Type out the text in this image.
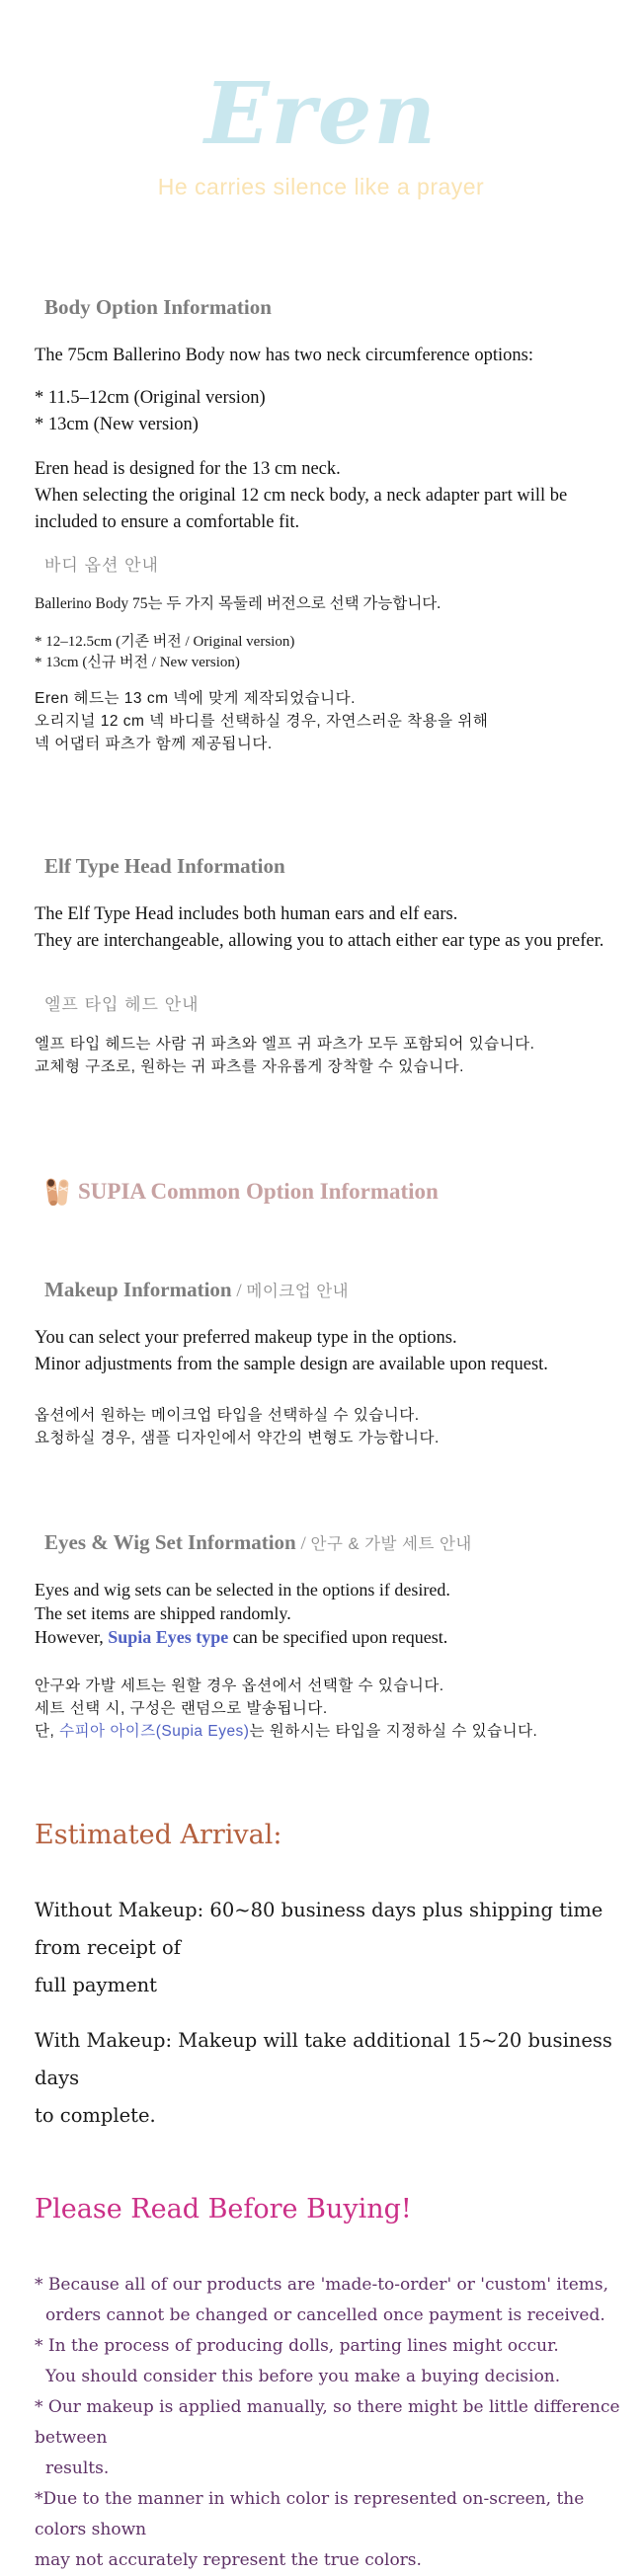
Eren
He carries silence like a prayer
Body Option Information
The 75cm Ballerino Body now has two neck circumference options:
* 11.5–12cm (Original version)
* 13cm (New version)
Eren head is designed for the 13 cm neck.
When selecting the original 12 cm neck body, a neck adapter part will be
included to ensure a comfortable fit.
바디 옵션 안내
Ballerino Body 75는 두 가지 목둘레 버전으로 선택 가능합니다.
* 12–12.5cm (기존 버전 / Original version)
* 13cm (신규 버전 / New version)
Eren 헤드는 13 cm 넥에 맞게 제작되었습니다.
오리지널 12 cm 넥 바디를 선택하실 경우, 자연스러운 착용을 위해
넥 어댑터 파츠가 함께 제공됩니다.
Elf Type Head Information
The Elf Type Head includes both human ears and elf ears.
They are interchangeable, allowing you to attach either ear type as you prefer.
엘프 타입 헤드 안내
엘프 타입 헤드는 사람 귀 파츠와 엘프 귀 파츠가 모두 포함되어 있습니다.
교체형 구조로, 원하는 귀 파츠를 자유롭게 장착할 수 있습니다.
SUPIA Common Option Information
Makeup Information / 메이크업 안내
You can select your preferred makeup type in the options.
Minor adjustments from the sample design are available upon request.
옵션에서 원하는 메이크업 타입을 선택하실 수 있습니다.
요청하실 경우, 샘플 디자인에서 약간의 변형도 가능합니다.
Eyes & Wig Set Information / 안구 & 가발 세트 안내
Eyes and wig sets can be selected in the options if desired.
The set items are shipped randomly.
However, Supia Eyes type can be specified upon request.
안구와 가발 세트는 원할 경우 옵션에서 선택할 수 있습니다.
세트 선택 시, 구성은 랜덤으로 발송됩니다.
단, 수피아 아이즈(Supia Eyes)는 원하시는 타입을 지정하실 수 있습니다.
Estimated Arrival:
Without Makeup: 60~80 business days plus shipping time from receipt of
full payment
With Makeup: Makeup will take additional 15~20 business days
to complete.
Please Read Before Buying!
* Because all of our products are 'made-to-order' or 'custom' items,
orders cannot be changed or cancelled once payment is received.
* In the process of producing dolls, parting lines might occur.
You should consider this before you make a buying decision.
* Our makeup is applied manually, so there might be little difference between
results.
*Due to the manner in which color is represented on-screen, the colors shown
may not accurately represent the true colors.
